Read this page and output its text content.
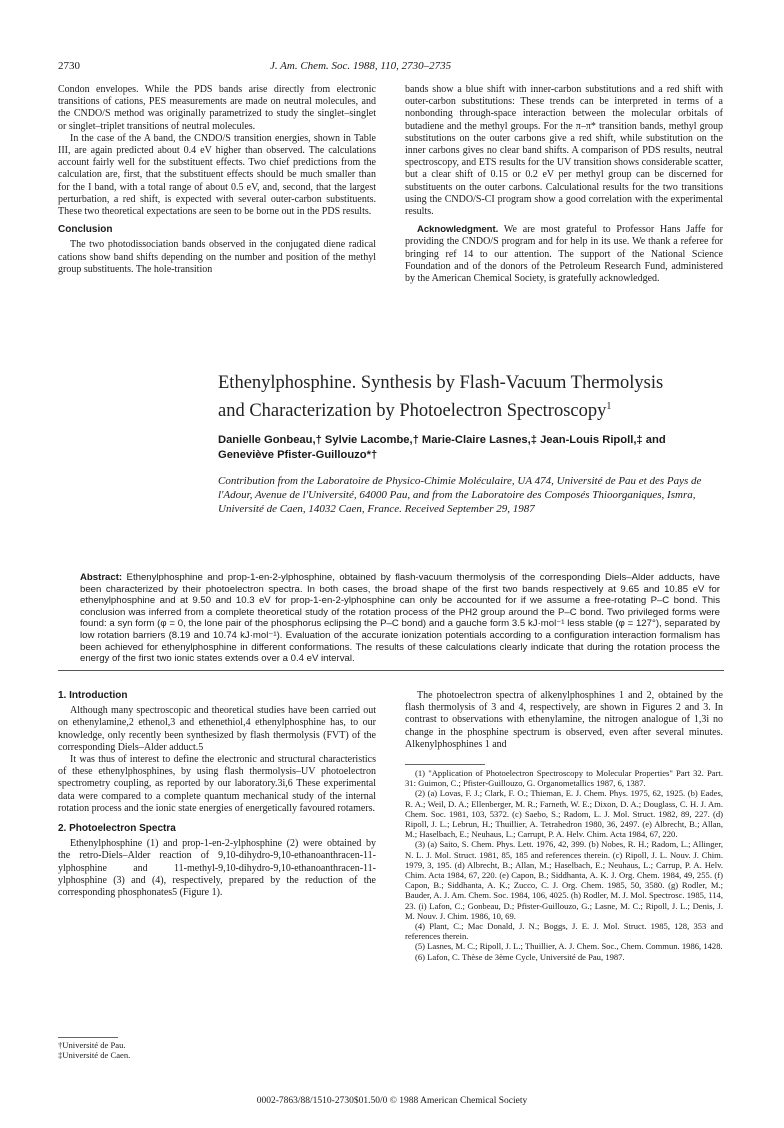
2730	J. Am. Chem. Soc. 1988, 110, 2730–2735

Condon envelopes. While the PDS bands arise directly from electronic transitions of cations, PES measurements are made on neutral molecules, and the CNDO/S method was originally parametrized to study the singlet–singlet or singlet–triplet transitions of neutral molecules.

In the case of the A band, the CNDO/S transition energies, shown in Table III, are again predicted about 0.4 eV higher than observed. The calculations account fairly well for the substituent effects. Two chief predictions from the calculation are, first, that the substituent effects should be much smaller than for the I band, with a total range of about 0.5 eV, and, second, that the largest perturbation, a red shift, is expected with several outer-carbon substituents. These two theoretical expectations are seen to be borne out in the PDS results.

Conclusion

The two photodissociation bands observed in the conjugated diene radical cations show band shifts depending on the number and position of the methyl group substituents. The hole-transition

bands show a blue shift with inner-carbon substitutions and a red shift with outer-carbon substitutions: These trends can be interpreted in terms of a nonbonding through-space interaction between the molecular orbitals of butadiene and the methyl groups. For the π–π* transition bands, methyl group substitutions on the outer carbons give a red shift, while substitution on the inner carbons gives no clear band shifts. A comparison of PDS results, neutral spectroscopy, and ETS results for the UV transition shows considerable scatter, but a clear shift of 0.15 or 0.2 eV per methyl group can be discerned for substituents on the outer carbons. Calculational results for the two transitions using the CNDO/S-CI program show a good correlation with the experimental results.

Acknowledgment. We are most grateful to Professor Hans Jaffe for providing the CNDO/S program and for help in its use. We thank a referee for bringing ref 14 to our attention. The support of the National Science Foundation and of the donors of the Petroleum Research Fund, administered by the American Chemical Society, is gratefully acknowledged.

Ethenylphosphine. Synthesis by Flash-Vacuum Thermolysis
and Characterization by Photoelectron Spectroscopy$^1$
Danielle Gonbeau,† Sylvie Lacombe,† Marie-Claire Lasnes,‡ Jean-Louis Ripoll,‡ and
Geneviève Pfister-Guillouzo*†
Contribution from the Laboratoire de Physico-Chimie Moléculaire, UA 474, Université de Pau et des Pays de l'Adour, Avenue de l'Université, 64000 Pau, and from the Laboratoire des Composés Thioorganiques, Ismra, Université de Caen, 14032 Caen, France. Received September 29, 1987
Abstract: Ethenylphosphine and prop-1-en-2-ylphosphine, obtained by flash-vacuum thermolysis of the corresponding Diels–Alder adducts, have been characterized by their photoelectron spectra. In both cases, the broad shape of the first two bands respectively at 9.65 and 10.85 eV for ethenylphosphine and at 9.50 and 10.3 eV for prop-1-en-2-ylphosphine can only be accounted for if we assume a free-rotating P–C bond. This conclusion was inferred from a complete theoretical study of the rotation process of the PH2 group around the P–C bond. Two privileged forms were found: a syn form (φ = 0, the lone pair of the phosphorus eclipsing the P–C bond) and a gauche form 3.5 kJ·mol⁻¹ less stable (φ = 127°), separated by low rotation barriers (8.19 and 10.74 kJ·mol⁻¹). Evaluation of the accurate ionization potentials according to a configuration interaction formalism has been achieved for ethenylphosphine in different conformations. The results of these calculations clearly indicate that during the rotation process the energy of the first two ionic states extends over a 0.4 eV interval.
1. Introduction

Although many spectroscopic and theoretical studies have been carried out on ethenylamine,2 ethenol,3 and ethenethiol,4 ethenylphosphine has, to our knowledge, only recently been synthesized by flash thermolysis (FVT) of the corresponding Diels–Alder adduct.5

It was thus of interest to define the electronic and structural characteristics of these ethenylphosphines, by using flash thermolysis–UV photoelectron spectrometry coupling, as reported by our laboratory.3i,6 These experimental data were compared to a complete quantum mechanical study of the internal rotation process and the ionic state energies of energetically favoured rotamers.

2. Photoelectron Spectra

Ethenylphosphine (1) and prop-1-en-2-ylphosphine (2) were obtained by the retro-Diels–Alder reaction of 9,10-dihydro-9,10-ethanoanthracen-11-ylphosphine and 11-methyl-9,10-dihydro-9,10-ethanoanthracen-11-ylphosphine (3) and (4), respectively, prepared by the reduction of the corresponding phosphonates5 (Figure 1).

The photoelectron spectra of alkenylphosphines 1 and 2, obtained by the flash thermolysis of 3 and 4, respectively, are shown in Figures 2 and 3. In contrast to observations with ethenylamine, the nitrogen analogue of 1,3i no change in the phosphine spectrum is observed, even after several minutes. Alkenylphosphines 1 and

(1) "Application of Photoelectron Spectroscopy to Molecular Properties" Part 32. Part. 31: Guimon, C.; Pfister-Guillouzo, G. Organometallics 1987, 6, 1387.

(2) (a) Lovas, F. J.; Clark, F. O.; Thieman, E. J. Chem. Phys. 1975, 62, 1925. (b) Eades, R. A.; Weil, D. A.; Ellenberger, M. R.; Farneth, W. E.; Dixon, D. A.; Douglass, C. H. J. Am. Chem. Soc. 1981, 103, 5372. (c) Saebo, S.; Radom, L. J. Mol. Struct. 1982, 89, 227. (d) Ripoll, J. L.; Lebrun, H.; Thuillier, A. Tetrahedron 1980, 36, 2497. (e) Albrecht, B.; Allan, M.; Haselbach, E.; Neuhaus, L.; Carrupt, P. A. Helv. Chim. Acta 1984, 67, 220.

(3) (a) Saito, S. Chem. Phys. Lett. 1976, 42, 399. (b) Nobes, R. H.; Radom, L.; Allinger, N. L. J. Mol. Struct. 1981, 85, 185 and references therein. (c) Ripoll, J. L. Nouv. J. Chim. 1979, 3, 195. (d) Albrecht, B.; Allan, M.; Haselbach, E.; Neuhaus, L.; Carrup, P. A. Helv. Chim. Acta 1984, 67, 220. (e) Capon, B.; Siddhanta, A. K. J. Org. Chem. 1984, 49, 255. (f) Capon, B.; Siddhanta, A. K.; Zucco, C. J. Org. Chem. 1985, 50, 3580. (g) Rodler, M.; Bauder, A. J. Am. Chem. Soc. 1984, 106, 4025. (h) Rodler, M. J. Mol. Spectrosc. 1985, 114, 23. (i) Lafon, C.; Gonbeau, D.; Pfister-Guillouzo, G.; Lasne, M. C.; Ripoll, J. L.; Denis, J. M. Nouv. J. Chim. 1986, 10, 69.

(4) Plant, C.; Mac Donald, J. N.; Boggs, J. E. J. Mol. Struct. 1985, 128, 353 and references therein.

(5) Lasnes, M. C.; Ripoll, J. L.; Thuillier, A. J. Chem. Soc., Chem. Commun. 1986, 1428.

(6) Lafon, C. Thèse de 3ème Cycle, Université de Pau, 1987.

†Université de Pau.

‡Université de Caen.

0002-7863/88/1510-2730$01.50/0 © 1988 American Chemical Society
